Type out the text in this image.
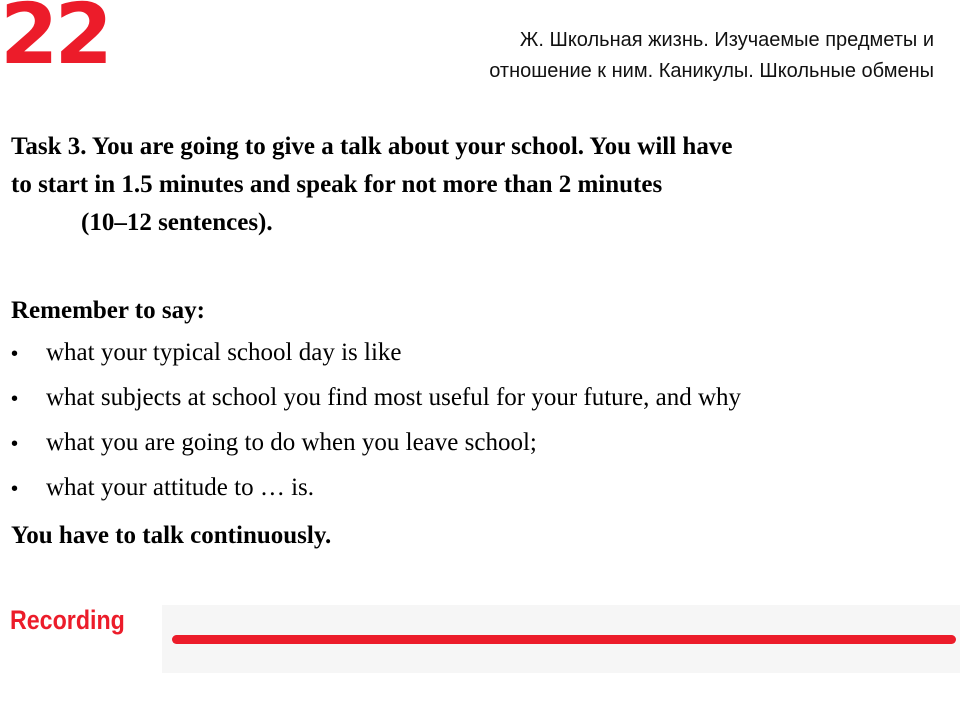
22	Ж. Школьная жизнь. Изучаемые предметы и
отношение к ним. Каникулы. Школьные обмены
Task 3. You are going to give a talk about your school. You will have
to start in 1.5 minutes and speak for not more than 2 minutes
(10–12 sentences).
Remember to say:
•	what your typical school day is like
•	what subjects at school you find most useful for your future, and why
•	what you are going to do when you leave school;
•	what your attitude to … is.
You have to talk continuously.
Recording
